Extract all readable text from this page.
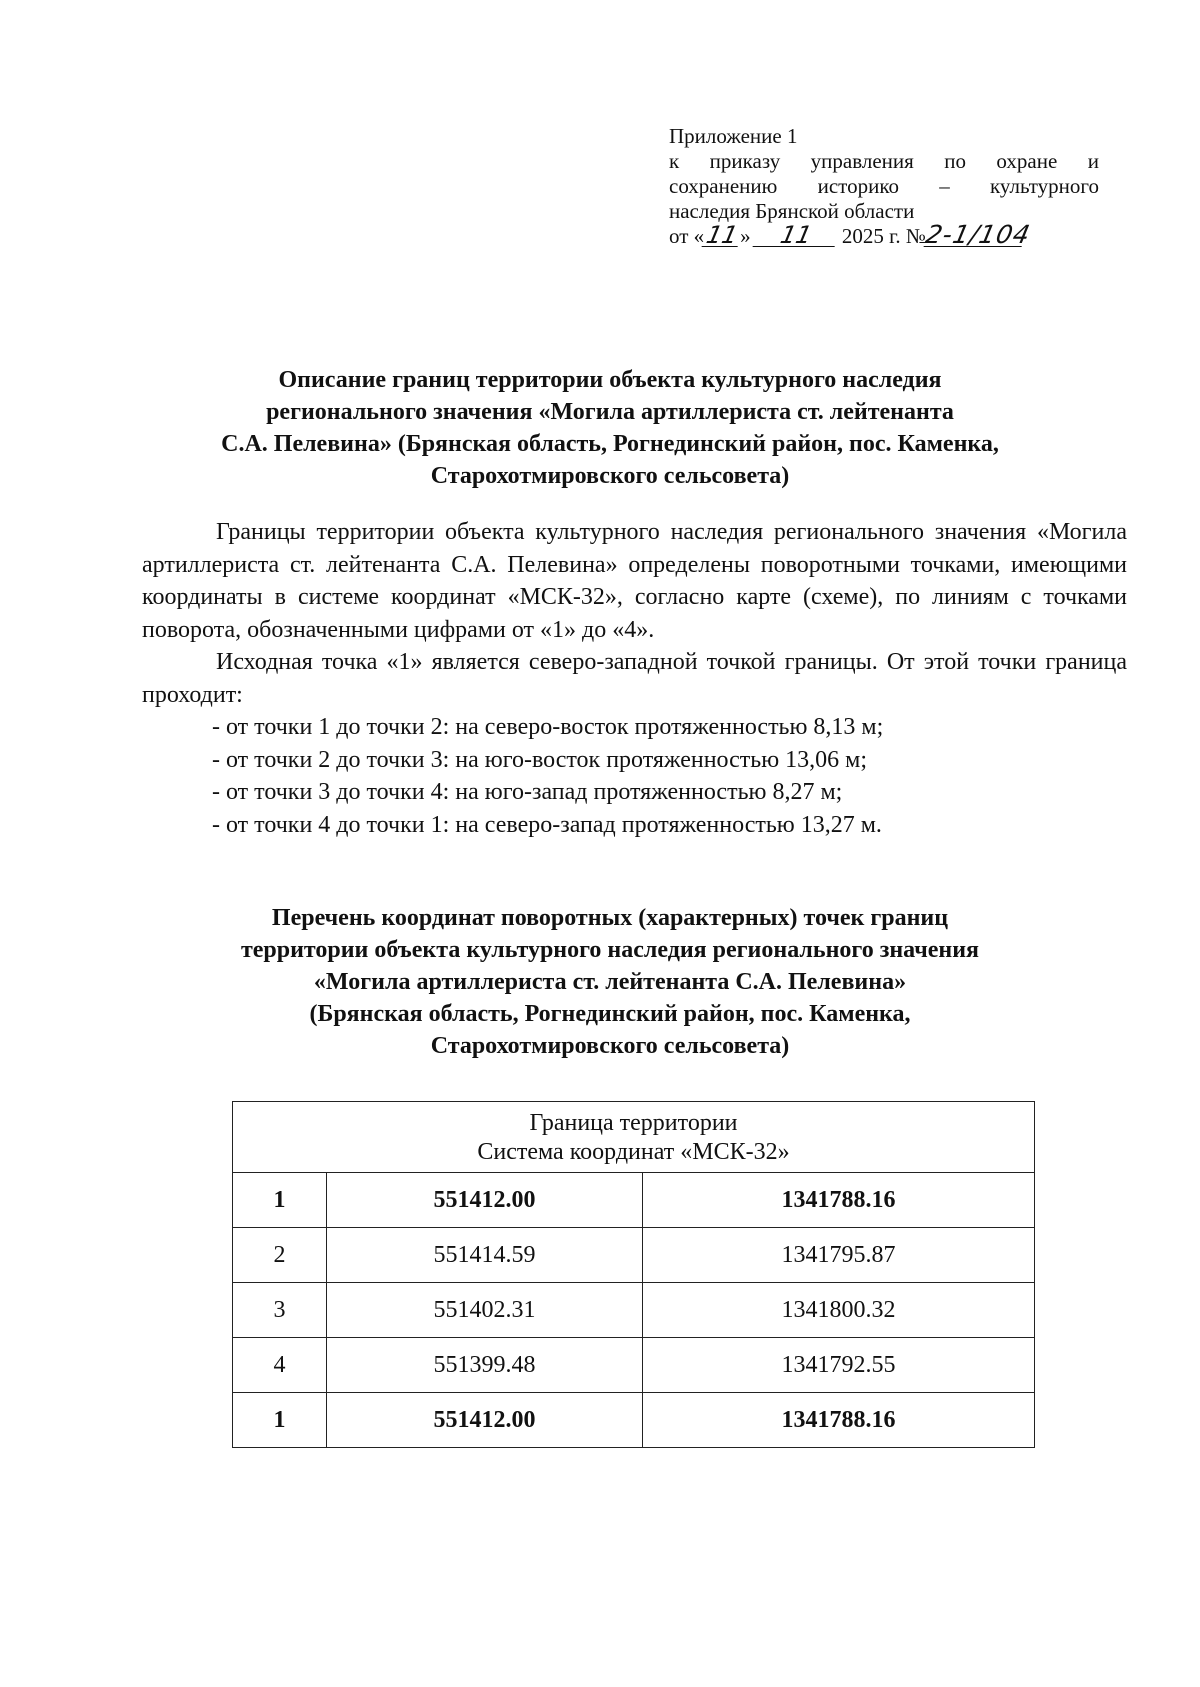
Приложение 1
к приказу управления по охране и
сохранению историко – культурного
наследия Брянской области
от «11» 11 2025 г. №2-1/104
Описание границ территории объекта культурного наследия
регионального значения «Могила артиллериста ст. лейтенанта
С.А. Пелевина» (Брянская область, Рогнединский район, пос. Каменка,
Старохотмировского сельсовета)

Границы территории объекта культурного наследия регионального значения «Могила артиллериста ст. лейтенанта С.А. Пелевина» определены поворотными точками, имеющими координаты в системе координат «МСК-32», согласно карте (схеме), по линиям с точками поворота, обозначенными цифрами от «1» до «4».

Исходная точка «1» является северо-западной точкой границы. От этой точки граница проходит:

- от точки 1 до точки 2: на северо-восток протяженностью 8,13 м;

- от точки 2 до точки 3: на юго-восток протяженностью 13,06 м;

- от точки 3 до точки 4: на юго-запад протяженностью 8,27 м;

- от точки 4 до точки 1: на северо-запад протяженностью 13,27 м.

Перечень координат поворотных (характерных) точек границ
территории объекта культурного наследия регионального значения
«Могила артиллериста ст. лейтенанта С.А. Пелевина»
(Брянская область, Рогнединский район, пос. Каменка,
Старохотмировского сельсовета)
Граница территории
Система координат «МСК-32»		
1	551412.00	1341788.16
2	551414.59	1341795.87
3	551402.31	1341800.32
4	551399.48	1341792.55
1	551412.00	1341788.16
